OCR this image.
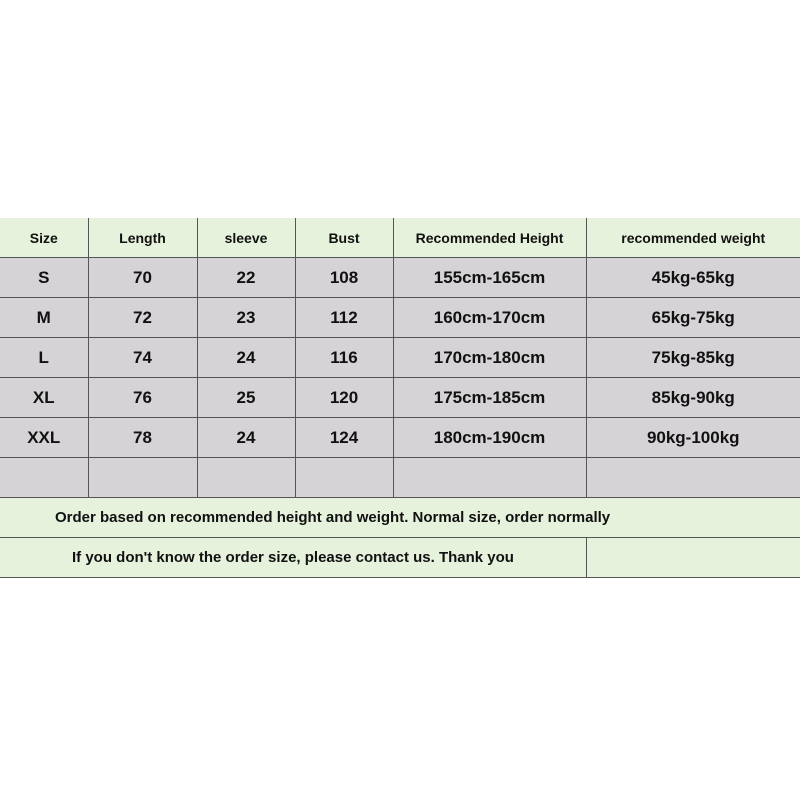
Size	Length	sleeve	Bust	Recommended Height	recommended weight
S	70	22	108	155cm-165cm	45kg-65kg
M	72	23	112	160cm-170cm	65kg-75kg
L	74	24	116	170cm-180cm	75kg-85kg
XL	76	25	120	175cm-185cm	85kg-90kg
XXL	78	24	124	180cm-190cm	90kg-100kg

Order based on recommended height and weight. Normal size, order normally					
If you don't know the order size, please contact us. Thank you					
